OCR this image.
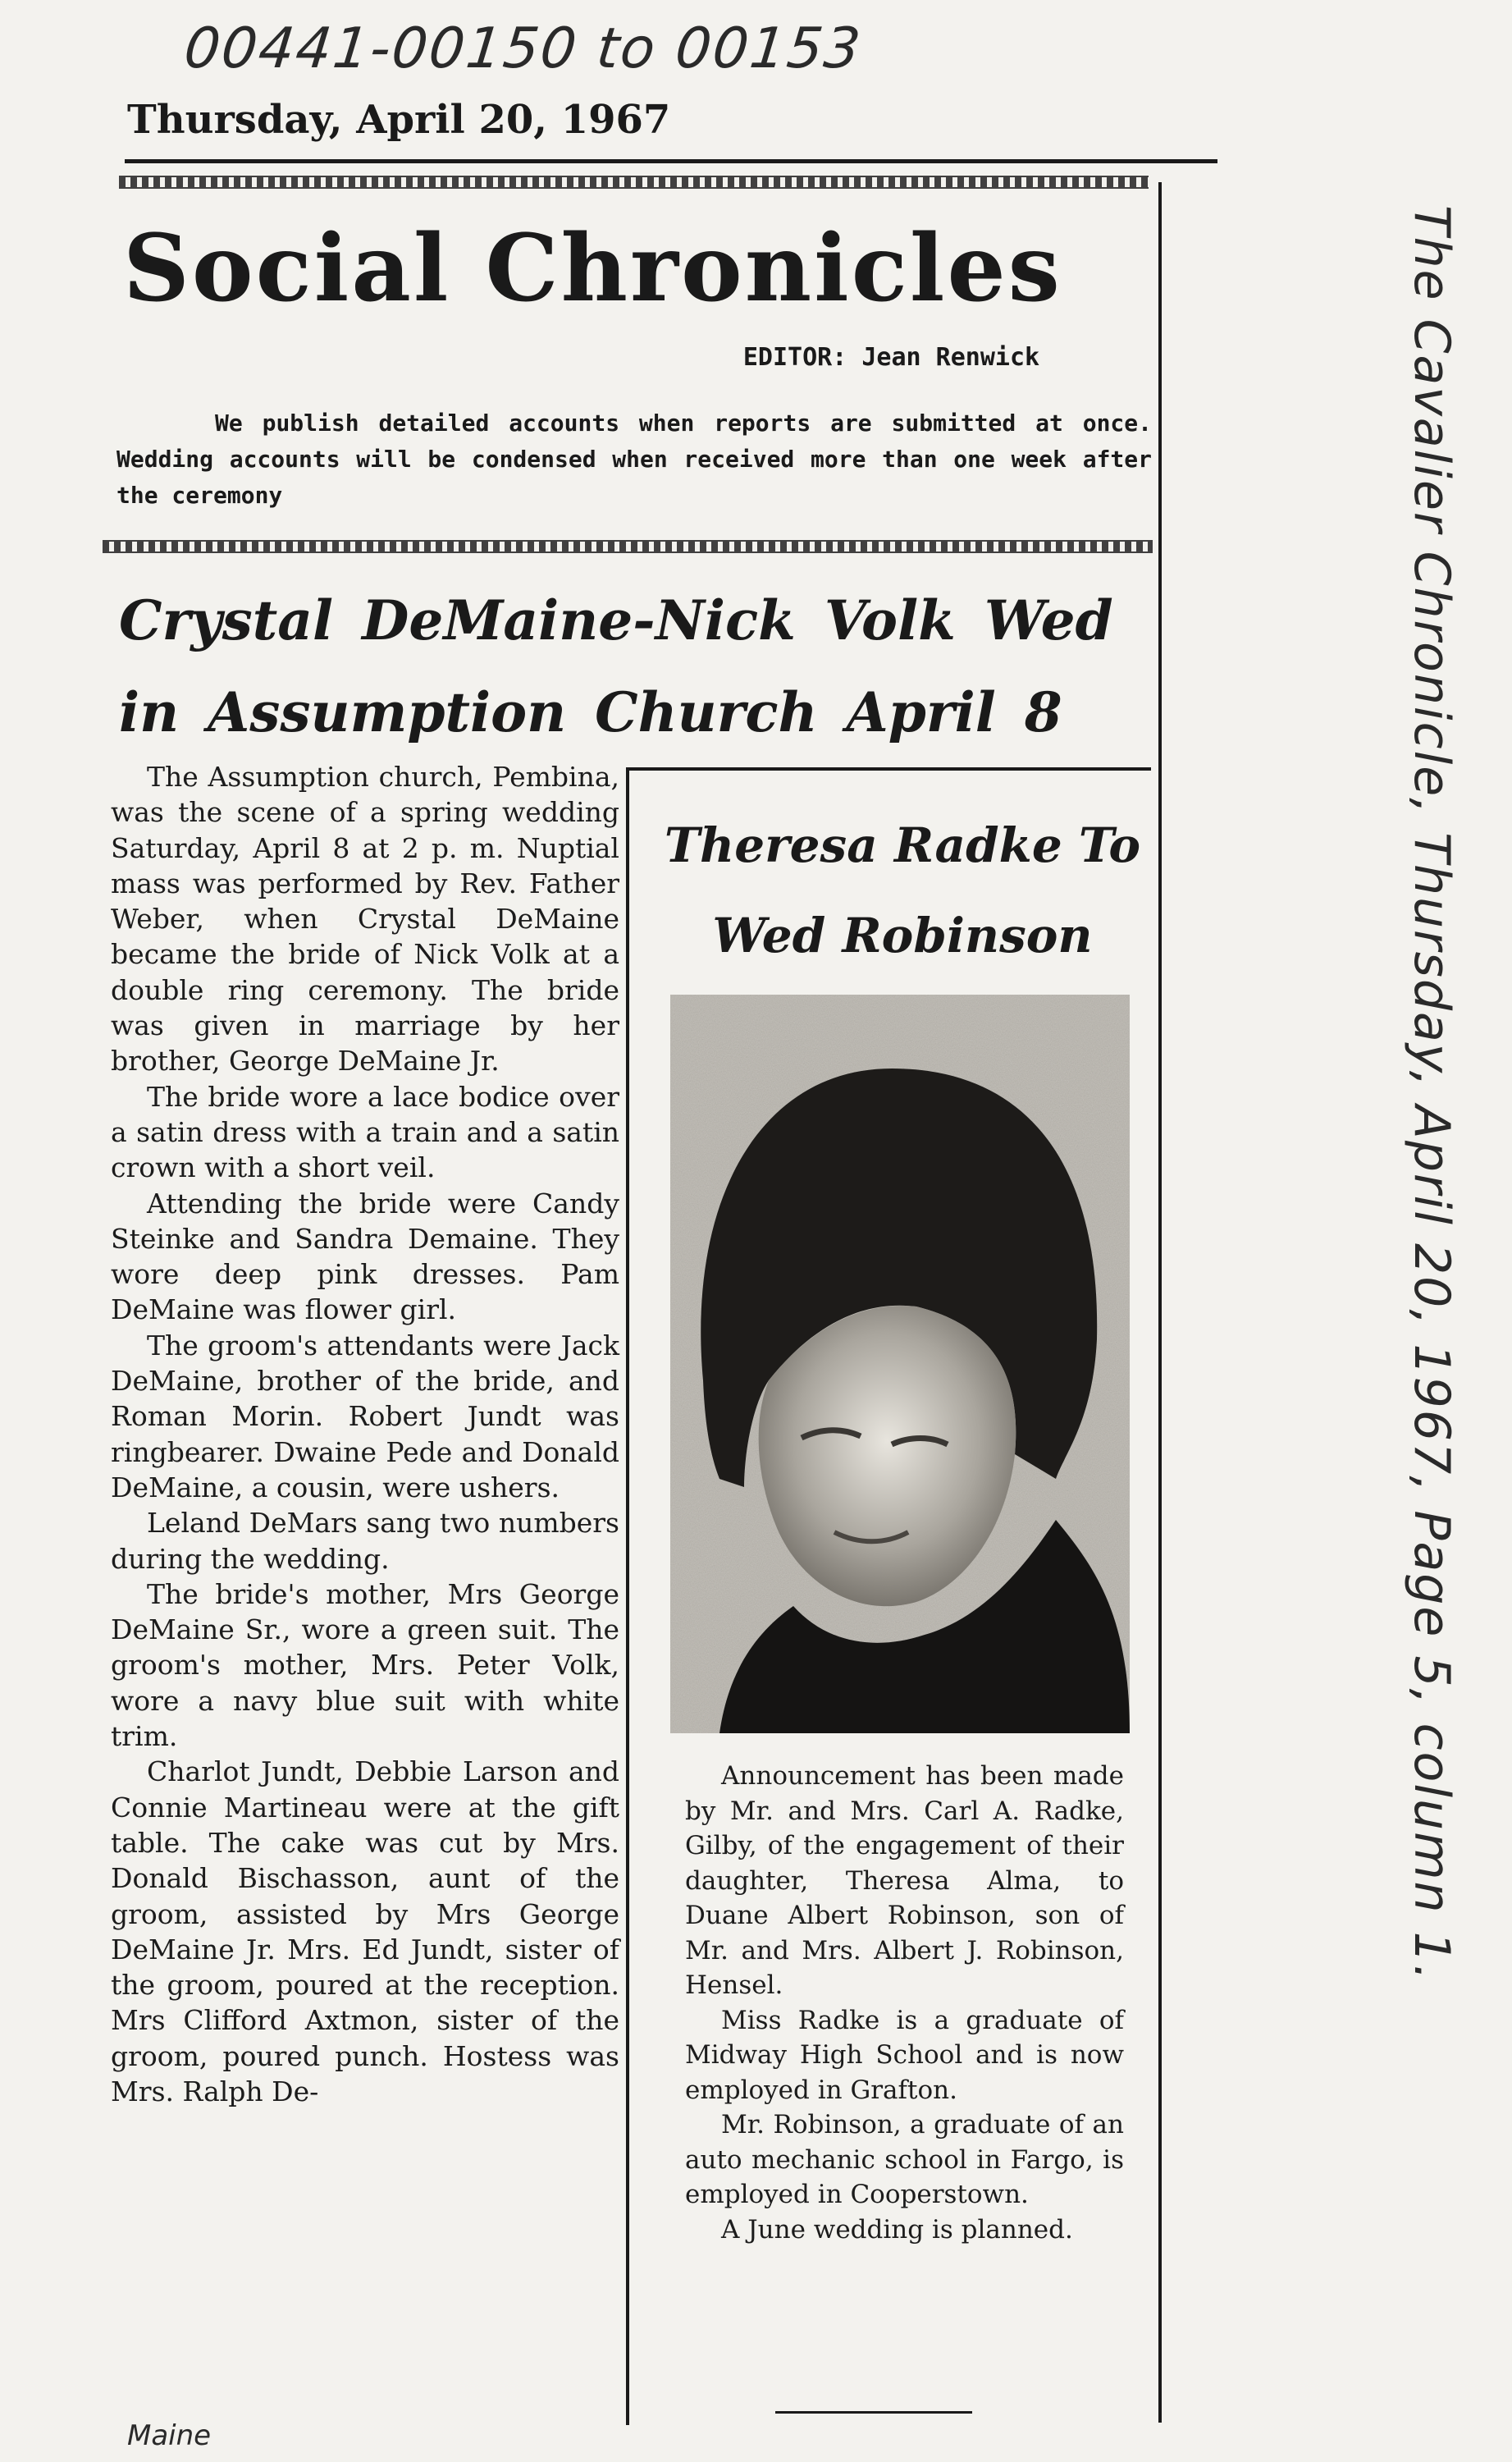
00441-00150 to 00153
Thursday, April 20, 1967
Social Chronicles
EDITOR: Jean Renwick
We publish detailed accounts when reports are submitted at once. Wedding accounts will be condensed when received more than one week after the ceremony
Crystal DeMaine-Nick Volk Wed in Assumption Church April 8

The Assumption church, Pembina, was the scene of a spring wedding Saturday, April 8 at 2 p. m. Nuptial mass was performed by Rev. Father Weber, when Crystal DeMaine became the bride of Nick Volk at a double ring ceremony. The bride was given in marriage by her brother, George DeMaine Jr.

The bride wore a lace bodice over a satin dress with a train and a satin crown with a short veil.

Attending the bride were Candy Steinke and Sandra Demaine. They wore deep pink dresses. Pam DeMaine was flower girl.

The groom's attendants were Jack DeMaine, brother of the bride, and Roman Morin. Robert Jundt was ringbearer. Dwaine Pede and Donald DeMaine, a cousin, were ushers.

Leland DeMars sang two numbers during the wedding.

The bride's mother, Mrs George DeMaine Sr., wore a green suit. The groom's mother, Mrs. Peter Volk, wore a navy blue suit with white trim.

Charlot Jundt, Debbie Larson and Connie Martineau were at the gift table. The cake was cut by Mrs. Donald Bischasson, aunt of the groom, assisted by Mrs George DeMaine Jr. Mrs. Ed Jundt, sister of the groom, poured at the reception. Mrs Clifford Axtmon, sister of the groom, poured punch. Hostess was Mrs. Ralph De-

Theresa Radke To Wed Robinson

Announcement has been made by Mr. and Mrs. Carl A. Radke, Gilby, of the engagement of their daughter, Theresa Alma, to Duane Albert Robinson, son of Mr. and Mrs. Albert J. Robinson, Hensel.

Miss Radke is a graduate of Midway High School and is now employed in Grafton.

Mr. Robinson, a graduate of an auto mechanic school in Fargo, is employed in Cooperstown.

A June wedding is planned.

Maine
The Cavalier Chronicle, Thursday, April 20, 1967, Page 5, column 1.
